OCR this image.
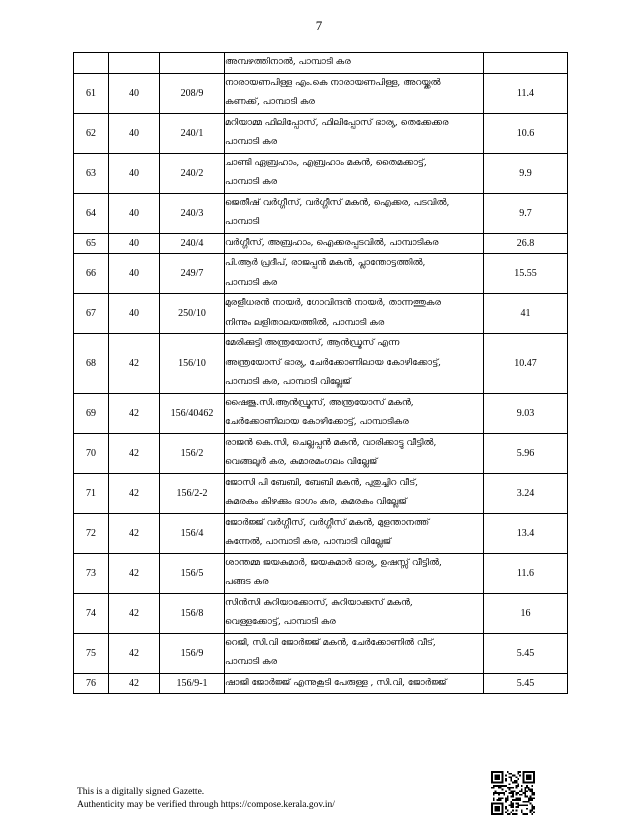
7

			അമ്പഴത്തിനാൽ, പാമ്പാടി കര	

61	40	208/9	നാരായണപിള്ള എം.കെ നാരായണപിള്ള, അറയ്ക്കൽ
കണക്ക്, പാമ്പാടി കര	11.4
62	40	240/1	മറിയാമ്മ ഫിലിപ്പോസ്, ഫിലിപ്പോസ് ഭാര്യ, തെക്കേക്കര
പാമ്പാടി കര	10.6
63	40	240/2	ചാണ്ടി ഏബ്രഹാം, എബ്രഹാം മകൻ, തൈമക്കാട്ട്,
പാമ്പാടി കര	9.9
64	40	240/3	ജെതീഷ് വർഗ്ഗീസ്, വർഗ്ഗീസ് മകൻ, ഐക്കര, പടവിൽ,
പാമ്പാടി	9.7
65	40	240/4	വർഗ്ഗീസ്, അബ്രഹാം, ഐക്കരപ്പടവിൽ, പാമ്പാടികര	26.8
66	40	249/7	പി.ആർ പ്രദീപ്, രാജപ്പൻ മകൻ, പ്ലാന്തോട്ടത്തിൽ,
പാമ്പാടി കര	15.55
67	40	250/10	മുരളീധരൻ നായർ, ഗോവിന്ദൻ നായർ, താന്നത്തുകര
നിന്നും ലളിതാലയത്തിൽ, പാമ്പാടി കര	41
68	42	156/10	മേരിക്കുട്ടി അന്ത്രയോസ്, ആൻഡ്രൂസ് എന്ന
അന്ത്രയോസ് ഭാര്യ, ചേർക്കോണിലായ കോഴിക്കോട്ട്,
പാമ്പാടി കര, പാമ്പാടി വില്ലേജ്	10.47
69	42	156/40462	ഷൈജു.സി.ആൻഡ്രൂസ്, അന്ത്രയോസ് മകൻ,
ചേർക്കോണിലായ കോഴിക്കോട്ട്, പാമ്പാടികര	9.03
70	42	156/2	രാജൻ കെ.സി, ചെല്ലപ്പൻ മകൻ, വാരിക്കാട്ടു വീട്ടിൽ,
വെങ്ങലൂർ കര, കുമാരമംഗലം വില്ലേജ്	5.96
71	42	156/2-2	ജോസി പി ബേബി, ബേബി മകൻ, പുതുച്ചിറ വീട്,
കുമരകം കിഴക്കും ഭാഗം കര, കുമരകം വില്ലേജ്	3.24
72	42	156/4	ജോർജ്ജ് വർഗ്ഗീസ്, വർഗ്ഗീസ് മകൻ, മുളന്താനത്ത്
കുന്നേൽ, പാമ്പാടി കര, പാമ്പാടി വില്ലേജ്	13.4
73	42	156/5	ശാന്തമ്മ ജയകുമാർ, ജയകുമാർ ഭാര്യ, ഉഷസ്സ് വീട്ടിൽ,
പങ്ങട കര	11.6
74	42	156/8	സിൻസി കുറിയാക്കോസ്, കുറിയാക്കസ് മകൻ,
വെള്ളക്കോട്ട്, പാമ്പാടി കര	16
75	42	156/9	റെജി, സി.വി ജോർജ്ജ് മകൻ, ചേർക്കോണിൽ വീട്,
പാമ്പാടി കര	5.45
76	42	156/9-1	ഷാജി ജോർജ്ജ് എന്നുകൂടി പേരുള്ള , സി.വി, ജോർജ്ജ്	5.45
This is a digitally signed Gazette.
Authenticity may be verified through https://compose.kerala.gov.in/
